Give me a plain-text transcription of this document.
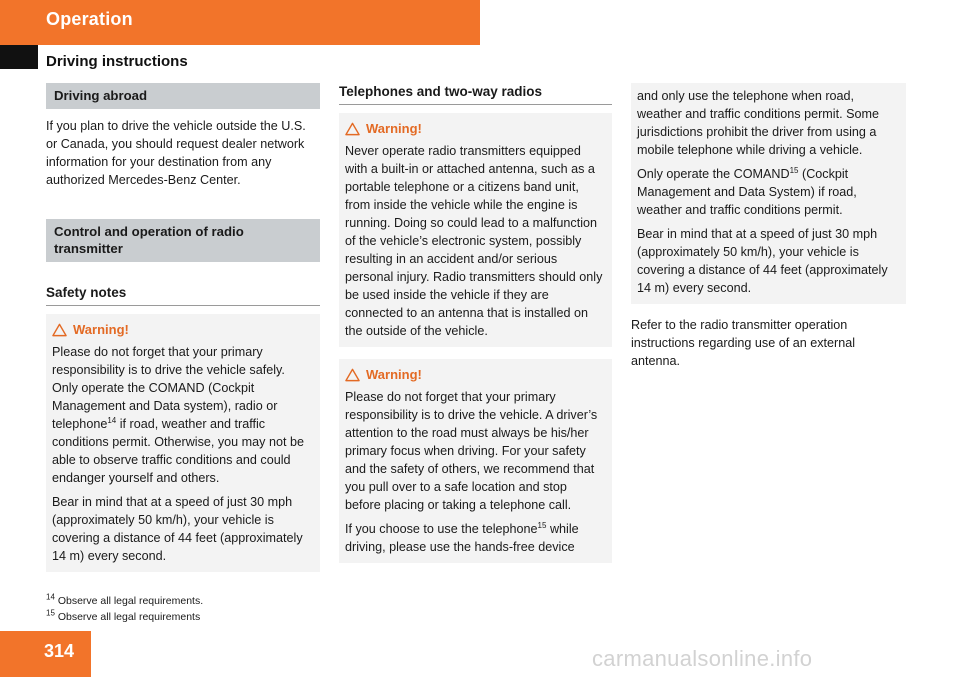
Operation
Driving instructions
Driving abroad

If you plan to drive the vehicle outside the U.S. or Canada, you should request dealer network information for your destination from any authorized Mercedes-Benz Center.

Control and operation of radio transmitter
Safety notes
Warning!

Please do not forget that your primary responsibility is to drive the vehicle safely. Only operate the COMAND (Cockpit Management and Data system), radio or telephone$^{14}$ if road, weather and traffic conditions permit. Otherwise, you may not be able to observe traffic conditions and could endanger yourself and others.

Bear in mind that at a speed of just 30 mph (approximately 50 km/h), your vehicle is covering a distance of 44 feet (approximately 14 m) every second.

Telephones and two-way radios
Warning!

Never operate radio transmitters equipped with a built-in or attached antenna, such as a portable telephone or a citizens band unit, from inside the vehicle while the engine is running. Doing so could lead to a malfunction of the vehicle’s electronic system, possibly resulting in an accident and/or serious personal injury. Radio transmitters should only be used inside the vehicle if they are connected to an antenna that is installed on the outside of the vehicle.

Warning!

Please do not forget that your primary responsibility is to drive the vehicle. A driver’s attention to the road must always be his/her primary focus when driving. For your safety and the safety of others, we recommend that you pull over to a safe location and stop before placing or taking a telephone call.

If you choose to use the telephone$^{15}$ while driving, please use the hands-free device

and only use the telephone when road, weather and traffic conditions permit. Some jurisdictions prohibit the driver from using a mobile telephone while driving a vehicle.

Only operate the COMAND$^{15}$ (Cockpit Management and Data System) if road, weather and traffic conditions permit.

Bear in mind that at a speed of just 30 mph (approximately 50 km/h), your vehicle is covering a distance of 44 feet (approximately 14 m) every second.

Refer to the radio transmitter operation instructions regarding use of an external antenna.

$^{14}$ Observe all legal requirements.
$^{15}$ Observe all legal requirements
314	carmanualsonline.info
